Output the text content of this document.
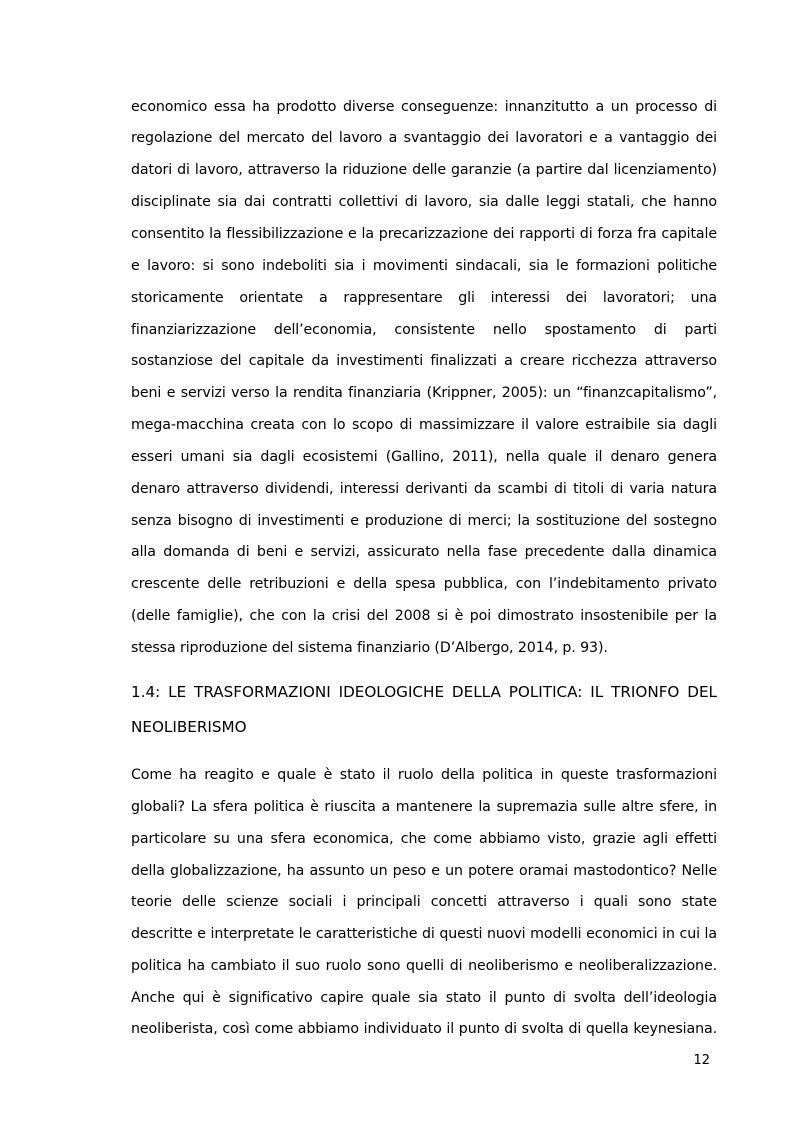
economico essa ha prodotto diverse conseguenze: innanzitutto a un processo di
regolazione del mercato del lavoro a svantaggio dei lavoratori e a vantaggio dei
datori di lavoro, attraverso la riduzione delle garanzie (a partire dal licenziamento)
disciplinate sia dai contratti collettivi di lavoro, sia dalle leggi statali, che hanno
consentito la flessibilizzazione e la precarizzazione dei rapporti di forza fra capitale
e lavoro: si sono indeboliti sia i movimenti sindacali, sia le formazioni politiche
storicamente orientate a rappresentare gli interessi dei lavoratori; una
finanziarizzazione dell’economia, consistente nello spostamento di parti
sostanziose del capitale da investimenti finalizzati a creare ricchezza attraverso
beni e servizi verso la rendita finanziaria (Krippner, 2005): un “finanzcapitalismo”,
mega-macchina creata con lo scopo di massimizzare il valore estraibile sia dagli
esseri umani sia dagli ecosistemi (Gallino, 2011), nella quale il denaro genera
denaro attraverso dividendi, interessi derivanti da scambi di titoli di varia natura
senza bisogno di investimenti e produzione di merci; la sostituzione del sostegno
alla domanda di beni e servizi, assicurato nella fase precedente dalla dinamica
crescente delle retribuzioni e della spesa pubblica, con l’indebitamento privato
(delle famiglie), che con la crisi del 2008 si è poi dimostrato insostenibile per la
stessa riproduzione del sistema finanziario (D’Albergo, 2014, p. 93).
1.4: LE TRASFORMAZIONI IDEOLOGICHE DELLA POLITICA: IL TRIONFO DEL
NEOLIBERISMO
Come ha reagito e quale è stato il ruolo della politica in queste trasformazioni
globali? La sfera politica è riuscita a mantenere la supremazia sulle altre sfere, in
particolare su una sfera economica, che come abbiamo visto, grazie agli effetti
della globalizzazione, ha assunto un peso e un potere oramai mastodontico? Nelle
teorie delle scienze sociali i principali concetti attraverso i quali sono state
descritte e interpretate le caratteristiche di questi nuovi modelli economici in cui la
politica ha cambiato il suo ruolo sono quelli di neoliberismo e neoliberalizzazione.
Anche qui è significativo capire quale sia stato il punto di svolta dell’ideologia
neoliberista, così come abbiamo individuato il punto di svolta di quella keynesiana.
12
